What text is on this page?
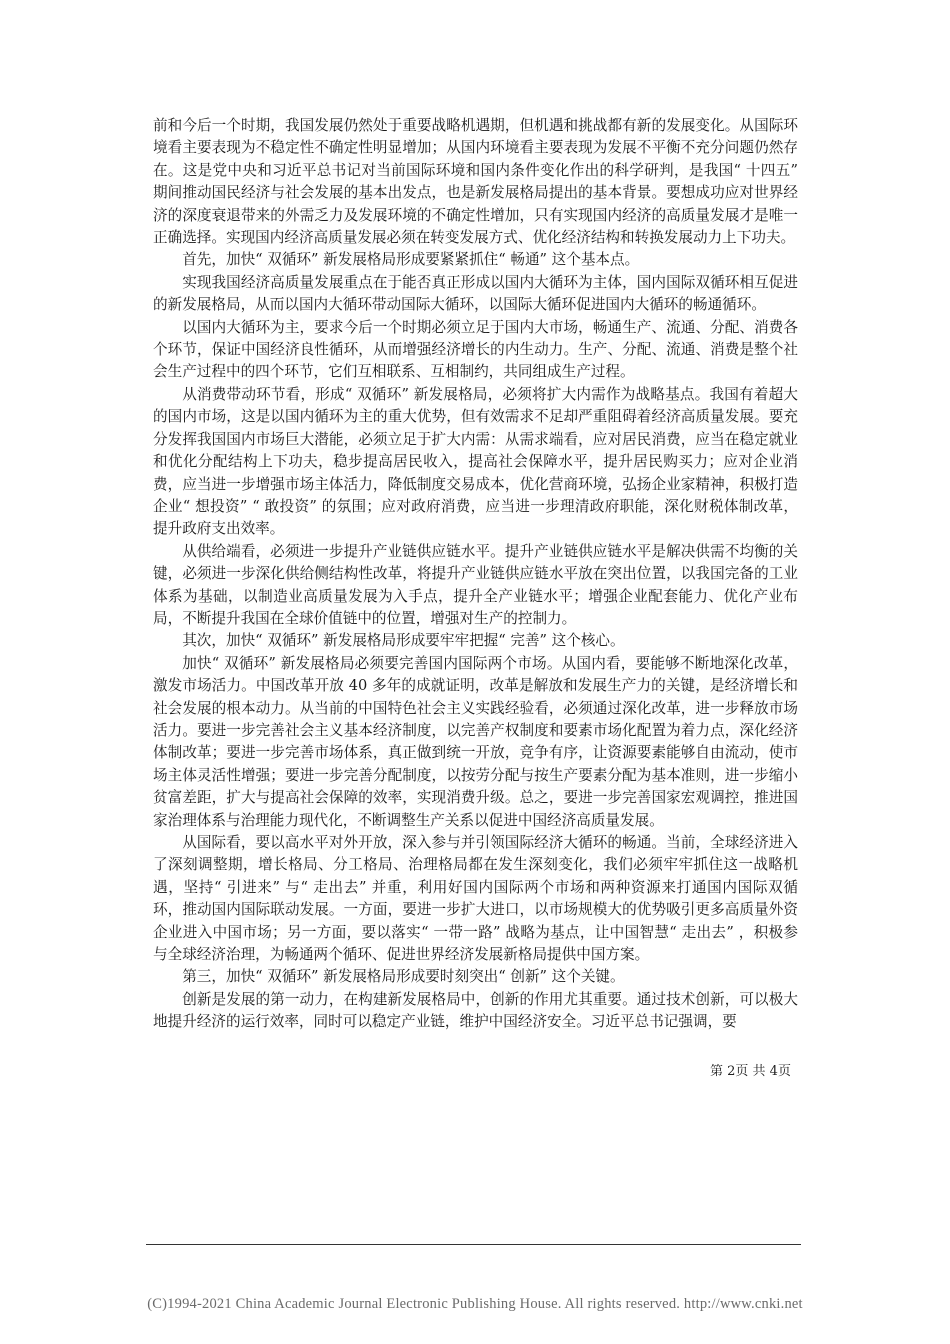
前和今后一个时期，我国发展仍然处于重要战略机遇期，但机遇和挑战都有新的发展变化。从国际环境看主要表现为不稳定性不确定性明显增加；从国内环境看主要表现为发展不平衡不充分问题仍然存在。这是党中央和习近平总书记对当前国际环境和国内条件变化作出的科学研判，是我国“ 十四五” 期间推动国民经济与社会发展的基本出发点，也是新发展格局提出的基本背景。要想成功应对世界经济的深度衰退带来的外需乏力及发展环境的不确定性增加，只有实现国内经济的高质量发展才是唯一正确选择。实现国内经济高质量发展必须在转变发展方式、优化经济结构和转换发展动力上下功夫。

首先，加快“ 双循环” 新发展格局形成要紧紧抓住“ 畅通” 这个基本点。

实现我国经济高质量发展重点在于能否真正形成以国内大循环为主体，国内国际双循环相互促进的新发展格局，从而以国内大循环带动国际大循环，以国际大循环促进国内大循环的畅通循环。

以国内大循环为主，要求今后一个时期必须立足于国内大市场，畅通生产、流通、分配、消费各个环节，保证中国经济良性循环，从而增强经济增长的内生动力。生产、分配、流通、消费是整个社会生产过程中的四个环节，它们互相联系、互相制约，共同组成生产过程。

从消费带动环节看，形成“ 双循环” 新发展格局，必须将扩大内需作为战略基点。我国有着超大的国内市场，这是以国内循环为主的重大优势，但有效需求不足却严重阻碍着经济高质量发展。要充分发挥我国国内市场巨大潜能，必须立足于扩大内需：从需求端看，应对居民消费，应当在稳定就业和优化分配结构上下功夫，稳步提高居民收入，提高社会保障水平，提升居民购买力；应对企业消费，应当进一步增强市场主体活力，降低制度交易成本，优化营商环境，弘扬企业家精神，积极打造企业“ 想投资” “ 敢投资” 的氛围；应对政府消费，应当进一步理清政府职能，深化财税体制改革，提升政府支出效率。

从供给端看，必须进一步提升产业链供应链水平。提升产业链供应链水平是解决供需不均衡的关键，必须进一步深化供给侧结构性改革，将提升产业链供应链水平放在突出位置，以我国完备的工业体系为基础，以制造业高质量发展为入手点，提升全产业链水平；增强企业配套能力、优化产业布局，不断提升我国在全球价值链中的位置，增强对生产的控制力。

其次，加快“ 双循环” 新发展格局形成要牢牢把握“ 完善” 这个核心。

加快“ 双循环” 新发展格局必须要完善国内国际两个市场。从国内看，要能够不断地深化改革，激发市场活力。中国改革开放 40 多年的成就证明，改革是解放和发展生产力的关键，是经济增长和社会发展的根本动力。从当前的中国特色社会主义实践经验看，必须通过深化改革，进一步释放市场活力。要进一步完善社会主义基本经济制度，以完善产权制度和要素市场化配置为着力点，深化经济体制改革；要进一步完善市场体系，真正做到统一开放，竞争有序，让资源要素能够自由流动，使市场主体灵活性增强；要进一步完善分配制度，以按劳分配与按生产要素分配为基本准则，进一步缩小贫富差距，扩大与提高社会保障的效率，实现消费升级。总之，要进一步完善国家宏观调控，推进国家治理体系与治理能力现代化，不断调整生产关系以促进中国经济高质量发展。

从国际看，要以高水平对外开放，深入参与并引领国际经济大循环的畅通。当前，全球经济进入了深刻调整期，增长格局、分工格局、治理格局都在发生深刻变化，我们必须牢牢抓住这一战略机遇，坚持“ 引进来” 与“ 走出去” 并重，利用好国内国际两个市场和两种资源来打通国内国际双循环，推动国内国际联动发展。一方面，要进一步扩大进口，以市场规模大的优势吸引更多高质量外资企业进入中国市场；另一方面，要以落实“ 一带一路” 战略为基点，让中国智慧“ 走出去” ，积极参与全球经济治理，为畅通两个循环、促进世界经济发展新格局提供中国方案。

第三，加快“ 双循环” 新发展格局形成要时刻突出“ 创新” 这个关键。

创新是发展的第一动力，在构建新发展格局中，创新的作用尤其重要。通过技术创新，可以极大地提升经济的运行效率，同时可以稳定产业链，维护中国经济安全。习近平总书记强调，要

第 2页 共 4页
(C)1994-2021 China Academic Journal Electronic Publishing House. All rights reserved. http://www.cnki.net
